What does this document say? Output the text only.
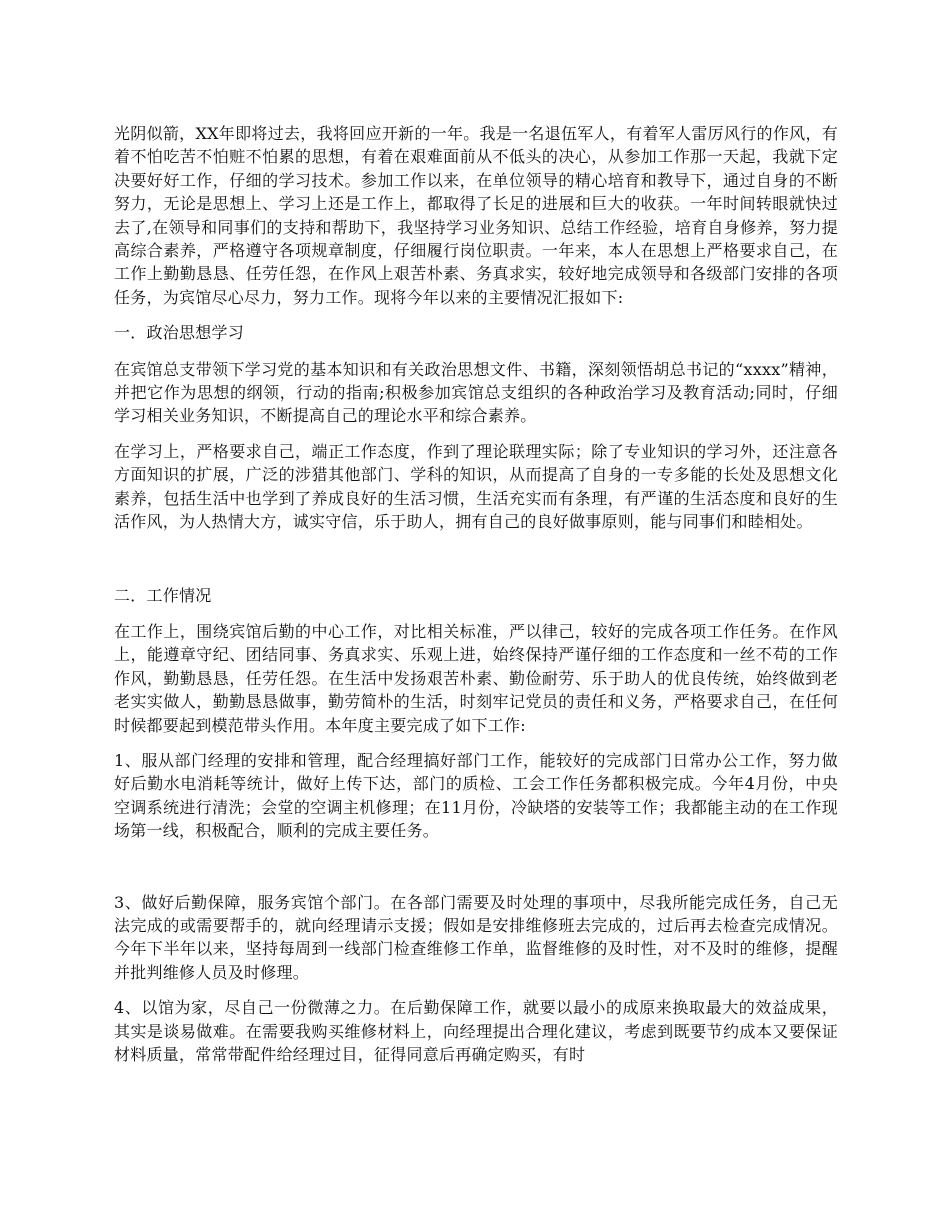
光阴似箭，XX年即将过去，我将回应开新的一年。我是一名退伍军人，有着军人雷厉风行的作风，有着不怕吃苦不怕赃不怕累的思想，有着在艰难面前从不低头的决心，从参加工作那一天起，我就下定决要好好工作，仔细的学习技术。参加工作以来，在单位领导的精心培育和教导下，通过自身的不断努力，无论是思想上、学习上还是工作上，都取得了长足的进展和巨大的收获。一年时间转眼就快过去了,在领导和同事们的支持和帮助下，我坚持学习业务知识、总结工作经验，培育自身修养，努力提高综合素养，严格遵守各项规章制度，仔细履行岗位职责。一年来，本人在思想上严格要求自己，在工作上勤勤恳恳、任劳任怨，在作风上艰苦朴素、务真求实，较好地完成领导和各级部门安排的各项任务，为宾馆尽心尽力，努力工作。现将今年以来的主要情况汇报如下:

一．政治思想学习

在宾馆总支带领下学习党的基本知识和有关政治思想文件、书籍，深刻领悟胡总书记的“xxxx”精神，并把它作为思想的纲领，行动的指南;积极参加宾馆总支组织的各种政治学习及教育活动;同时，仔细学习相关业务知识，不断提高自己的理论水平和综合素养。

在学习上，严格要求自己，端正工作态度，作到了理论联理实际；除了专业知识的学习外，还注意各方面知识的扩展，广泛的涉猎其他部门、学科的知识，从而提高了自身的一专多能的长处及思想文化素养，包括生活中也学到了养成良好的生活习惯，生活充实而有条理，有严谨的生活态度和良好的生活作风，为人热情大方，诚实守信，乐于助人，拥有自己的良好做事原则，能与同事们和睦相处。

二．工作情况

在工作上，围绕宾馆后勤的中心工作，对比相关标准，严以律己，较好的完成各项工作任务。在作风上，能遵章守纪、团结同事、务真求实、乐观上进，始终保持严谨仔细的工作态度和一丝不苟的工作作风，勤勤恳恳，任劳任怨。在生活中发扬艰苦朴素、勤俭耐劳、乐于助人的优良传统，始终做到老老实实做人，勤勤恳恳做事，勤劳简朴的生活，时刻牢记党员的责任和义务，严格要求自己，在任何时候都要起到模范带头作用。本年度主要完成了如下工作:

1、服从部门经理的安排和管理，配合经理搞好部门工作，能较好的完成部门日常办公工作，努力做好后勤水电消耗等统计，做好上传下达，部门的质检、工会工作任务都积极完成。今年4月份，中央空调系统进行清洗；会堂的空调主机修理；在11月份，冷缺塔的安装等工作；我都能主动的在工作现场第一线，积极配合，顺利的完成主要任务。

3、做好后勤保障，服务宾馆个部门。在各部门需要及时处理的事项中，尽我所能完成任务，自己无法完成的或需要帮手的，就向经理请示支援；假如是安排维修班去完成的，过后再去检查完成情况。今年下半年以来，坚持每周到一线部门检查维修工作单，监督维修的及时性，对不及时的维修，提醒并批判维修人员及时修理。

4、以馆为家，尽自己一份微薄之力。在后勤保障工作，就要以最小的成原来换取最大的效益成果，其实是谈易做难。在需要我购买维修材料上，向经理提出合理化建议，考虑到既要节约成本又要保证材料质量，常常带配件给经理过目，征得同意后再确定购买，有时
